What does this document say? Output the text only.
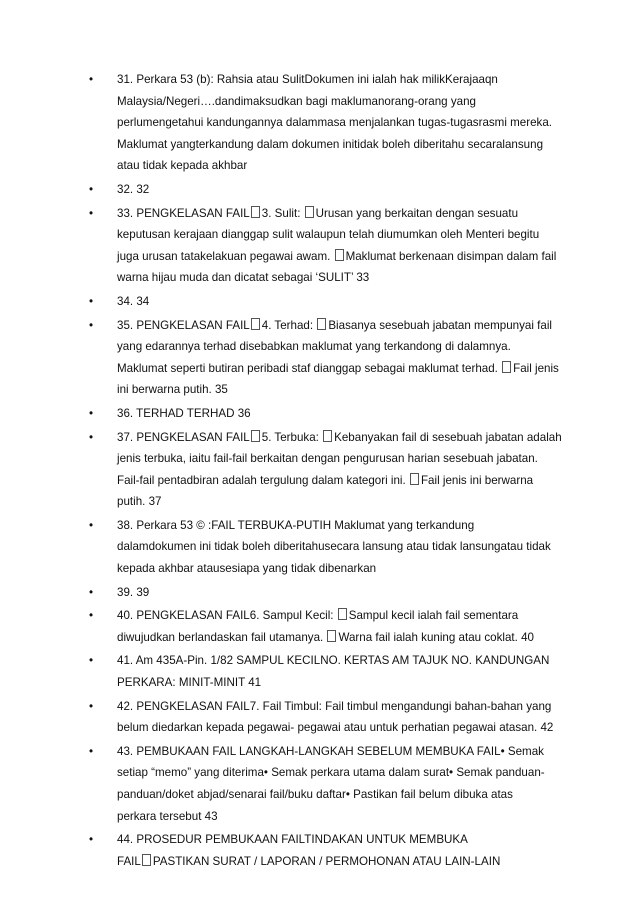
•	31. Perkara 53 (b): Rahsia atau SulitDokumen ini ialah hak milikKerajaaqn
Malaysia/Negeri….dandimaksudkan bagi maklumanorang-orang yang
perlumengetahui kandungannya dalammasa menjalankan tugas-tugasrasmi mereka.
Maklumat yangterkandung dalam dokumen initidak boleh diberitahu secaralansung
atau tidak kepada akhbar
•	32. 32
•	33. PENGKELASAN FAIL 3. Sulit: Urusan yang berkaitan dengan sesuatu
keputusan kerajaan dianggap sulit walaupun telah diumumkan oleh Menteri begitu
juga urusan tatakelakuan pegawai awam. Maklumat berkenaan disimpan dalam fail
warna hijau muda dan dicatat sebagai ‘SULIT’ 33
•	34. 34
•	35. PENGKELASAN FAIL 4. Terhad: Biasanya sesebuah jabatan mempunyai fail
yang edarannya terhad disebabkan maklumat yang terkandong di dalamnya.
Maklumat seperti butiran peribadi staf dianggap sebagai maklumat terhad. Fail jenis
ini berwarna putih. 35
•	36. TERHAD TERHAD 36
•	37. PENGKELASAN FAIL 5. Terbuka: Kebanyakan fail di sesebuah jabatan adalah
jenis terbuka, iaitu fail-fail berkaitan dengan pengurusan harian sesebuah jabatan.
Fail-fail pentadbiran adalah tergulung dalam kategori ini. Fail jenis ini berwarna
putih. 37
•	38. Perkara 53 © :FAIL TERBUKA-PUTIH Maklumat yang terkandung
dalamdokumen ini tidak boleh diberitahusecara lansung atau tidak lansungatau tidak
kepada akhbar atausesiapa yang tidak dibenarkan
•	39. 39
•	40. PENGKELASAN FAIL6. Sampul Kecil: Sampul kecil ialah fail sementara
diwujudkan berlandaskan fail utamanya. Warna fail ialah kuning atau coklat. 40
•	41. Am 435A-Pin. 1/82 SAMPUL KECILNO. KERTAS AM TAJUK NO. KANDUNGAN
PERKARA: MINIT-MINIT 41
•	42. PENGKELASAN FAIL7. Fail Timbul: Fail timbul mengandungi bahan-bahan yang
belum diedarkan kepada pegawai- pegawai atau untuk perhatian pegawai atasan. 42
•	43. PEMBUKAAN FAIL LANGKAH-LANGKAH SEBELUM MEMBUKA FAIL• Semak
setiap “memo” yang diterima• Semak perkara utama dalam surat• Semak panduan-
panduan/doket abjad/senarai fail/buku daftar• Pastikan fail belum dibuka atas
perkara tersebut 43
•	44. PROSEDUR PEMBUKAAN FAILTINDAKAN UNTUK MEMBUKA
FAIL PASTIKAN SURAT / LAPORAN / PERMOHONAN ATAU LAIN-LAIN
